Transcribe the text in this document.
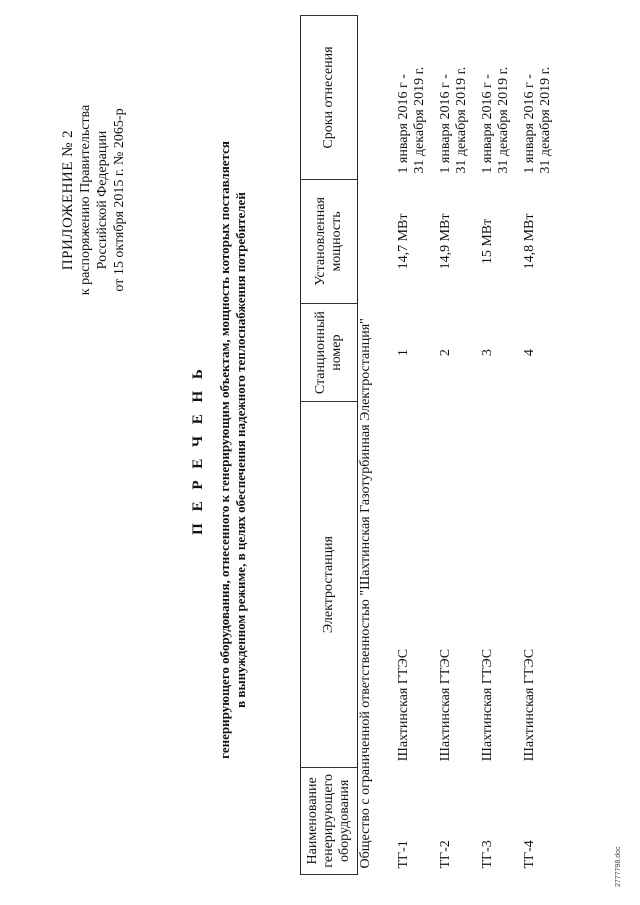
ПРИЛОЖЕНИЕ № 2 к распоряжению Правительства Российской Федерации от 15 октября 2015 г. № 2065-р
П Е Р Е Ч Е Н Ь генерирующего оборудования, отнесенного к генерирующим объектам, мощность которых поставляется в вынужденном режиме, в целях обеспечения надежного теплоснабжения потребителей
Наименование генерирующего оборудования	Электростанция	Станционный номер	Установленная мощность	Сроки отнесения
Общество с ограниченной ответственностью "Шахтинская Газотурбинная Электростанция"				
ТГ-1	Шахтинская ГТЭС	1	14,7 МВт	1 января 2016 г - 31 декабря 2019 г.

ТГ-2	Шахтинская ГТЭС	2	14,9 МВт	1 января 2016 г - 31 декабря 2019 г.

ТГ-3	Шахтинская ГТЭС	3	15 МВт	1 января 2016 г - 31 декабря 2019 г.

ТГ-4	Шахтинская ГТЭС	4	14,8 МВт	1 января 2016 г - 31 декабря 2019 г.
2777798.doc
